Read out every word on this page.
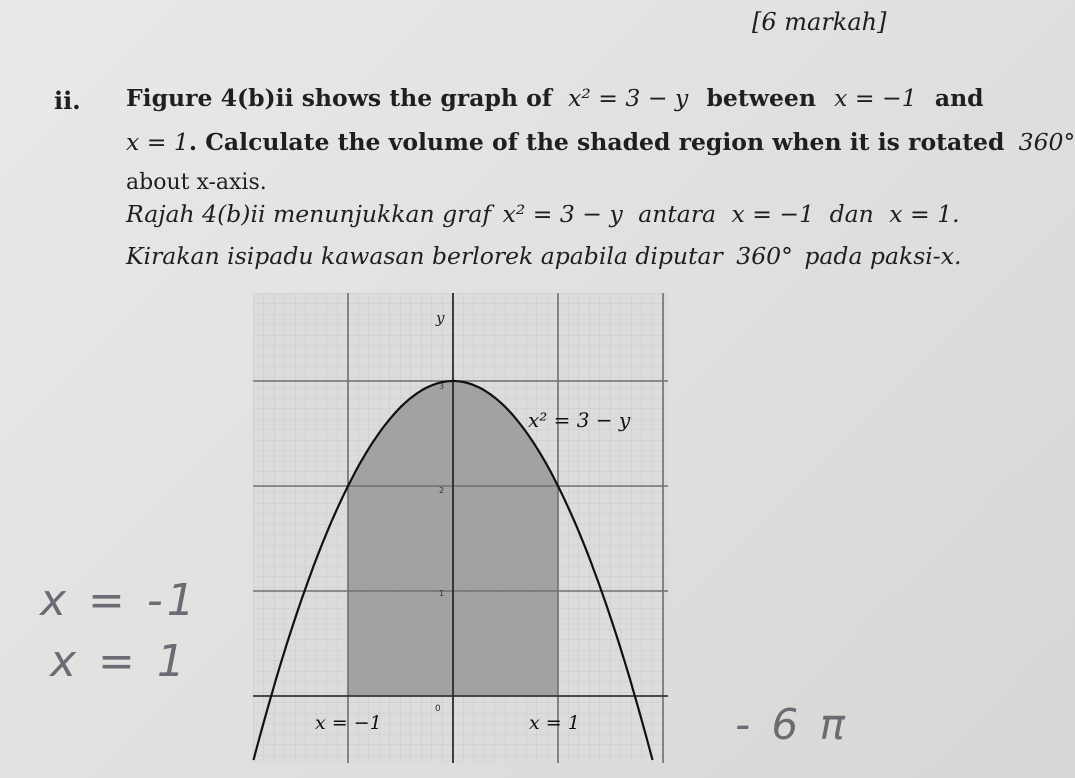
[6 markah]
ii. Figure 4(b)ii shows the graph of x² = 3 − y between x = −1 and
x = 1. Calculate the volume of the shaded region when it is rotated 360°
about x-axis.
Rajah 4(b)ii menunjukkan graf x² = 3 − y antara x = −1 dan x = 1.
Kirakan isipadu kawasan berlorek apabila diputar 360° pada paksi-x.
x = -1
x = 1
- 6 π
y
3
2
1
0
x² = 3 − y
x = −1	x = 1
